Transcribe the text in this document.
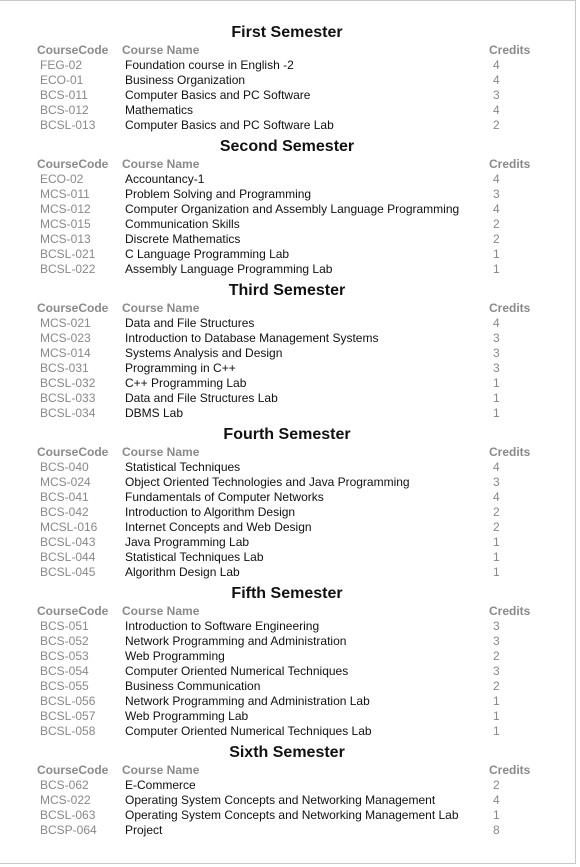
First Semester
CourseCode	Course Name	Credits
FEG-02	Foundation course in English -2	4
ECO-01	Business Organization	4
BCS-011	Computer Basics and PC Software	3
BCS-012	Mathematics	4
BCSL-013	Computer Basics and PC Software Lab	2
Second Semester
CourseCode	Course Name	Credits
ECO-02	Accountancy-1	4
MCS-011	Problem Solving and Programming	3
MCS-012	Computer Organization and Assembly Language Programming	4
MCS-015	Communication Skills	2
MCS-013	Discrete Mathematics	2
BCSL-021	C Language Programming Lab	1
BCSL-022	Assembly Language Programming Lab	1
Third Semester
CourseCode	Course Name	Credits
MCS-021	Data and File Structures	4
MCS-023	Introduction to Database Management Systems	3
MCS-014	Systems Analysis and Design	3
BCS-031	Programming in C++	3
BCSL-032	C++ Programming Lab	1
BCSL-033	Data and File Structures Lab	1
BCSL-034	DBMS Lab	1
Fourth Semester
CourseCode	Course Name	Credits
BCS-040	Statistical Techniques	4
MCS-024	Object Oriented Technologies and Java Programming	3
BCS-041	Fundamentals of Computer Networks	4
BCS-042	Introduction to Algorithm Design	2
MCSL-016	Internet Concepts and Web Design	2
BCSL-043	Java Programming Lab	1
BCSL-044	Statistical Techniques Lab	1
BCSL-045	Algorithm Design Lab	1
Fifth Semester
CourseCode	Course Name	Credits
BCS-051	Introduction to Software Engineering	3
BCS-052	Network Programming and Administration	3
BCS-053	Web Programming	2
BCS-054	Computer Oriented Numerical Techniques	3
BCS-055	Business Communication	2
BCSL-056	Network Programming and Administration Lab	1
BCSL-057	Web Programming Lab	1
BCSL-058	Computer Oriented Numerical Techniques Lab	1
Sixth Semester
CourseCode	Course Name	Credits
BCS-062	E-Commerce	2
MCS-022	Operating System Concepts and Networking Management	4
BCSL-063	Operating System Concepts and Networking Management Lab	1
BCSP-064	Project	8
